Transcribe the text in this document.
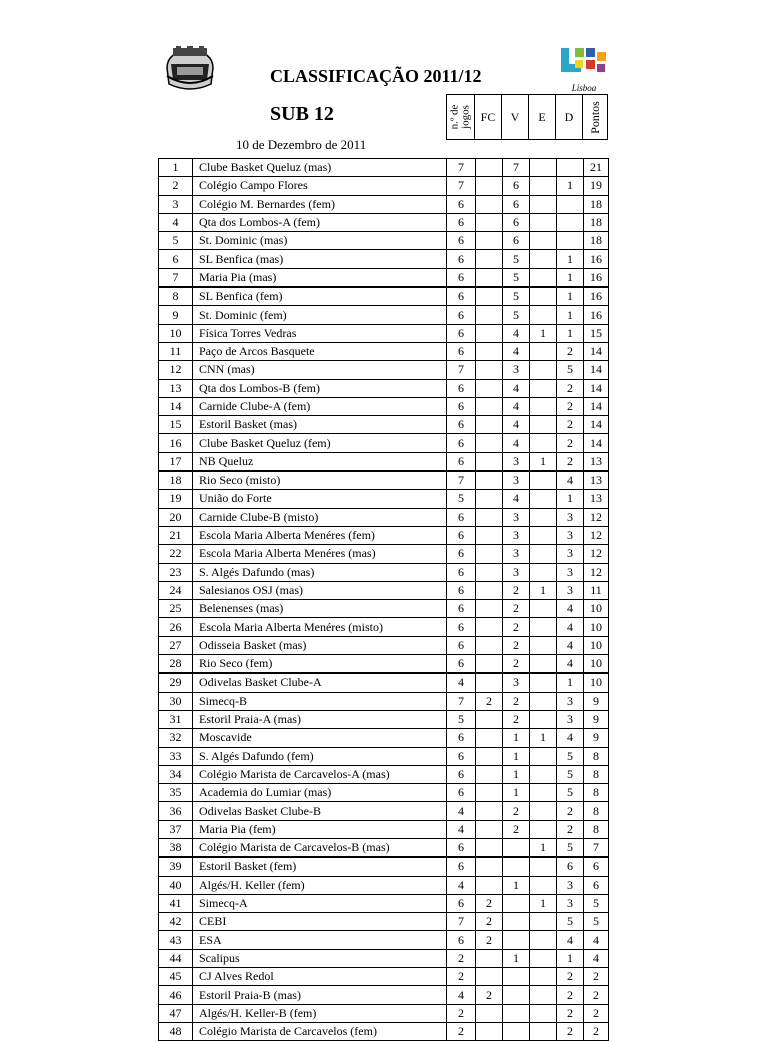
Lisboa
CLASSIFICAÇÃO 2011/12
SUB 12
10 de Dezembro de 2011
n.º de jogos FC V E D Pontos
1	Clube Basket Queluz (mas)	7		7			21
2	Colégio Campo Flores	7		6		1	19
3	Colégio M. Bernardes (fem)	6		6			18
4	Qta dos Lombos-A (fem)	6		6			18
5	St. Dominic (mas)	6		6			18
6	SL Benfica (mas)	6		5		1	16
7	Maria Pia (mas)	6		5		1	16
8	SL Benfica (fem)	6		5		1	16
9	St. Dominic (fem)	6		5		1	16
10	Física Torres Vedras	6		4	1	1	15
11	Paço de Arcos Basquete	6		4		2	14
12	CNN (mas)	7		3		5	14
13	Qta dos Lombos-B (fem)	6		4		2	14
14	Carnide Clube-A (fem)	6		4		2	14
15	Estoril Basket (mas)	6		4		2	14
16	Clube Basket Queluz (fem)	6		4		2	14
17	NB Queluz	6		3	1	2	13
18	Rio Seco (misto)	7		3		4	13
19	União do Forte	5		4		1	13
20	Carnide Clube-B (misto)	6		3		3	12
21	Escola Maria Alberta Menéres (fem)	6		3		3	12
22	Escola Maria Alberta Menéres (mas)	6		3		3	12
23	S. Algés Dafundo (mas)	6		3		3	12
24	Salesianos OSJ (mas)	6		2	1	3	11
25	Belenenses (mas)	6		2		4	10
26	Escola Maria Alberta Menéres (misto)	6		2		4	10
27	Odisseia Basket (mas)	6		2		4	10
28	Rio Seco (fem)	6		2		4	10
29	Odivelas Basket Clube-A	4		3		1	10
30	Simecq-B	7	2	2		3	9
31	Estoril Praia-A (mas)	5		2		3	9
32	Moscavide	6		1	1	4	9
33	S. Algés Dafundo (fem)	6		1		5	8
34	Colégio Marista de Carcavelos-A (mas)	6		1		5	8
35	Academia do Lumiar (mas)	6		1		5	8
36	Odivelas Basket Clube-B	4		2		2	8
37	Maria Pia (fem)	4		2		2	8
38	Colégio Marista de Carcavelos-B (mas)	6			1	5	7
39	Estoril Basket (fem)	6				6	6
40	Algés/H. Keller (fem)	4		1		3	6
41	Simecq-A	6	2		1	3	5
42	CEBI	7	2			5	5
43	ESA	6	2			4	4
44	Scalipus	2		1		1	4
45	CJ Alves Redol	2				2	2
46	Estoril Praia-B (mas)	4	2			2	2
47	Algés/H. Keller-B (fem)	2				2	2
48	Colégio Marista de Carcavelos (fem)	2				2	2
